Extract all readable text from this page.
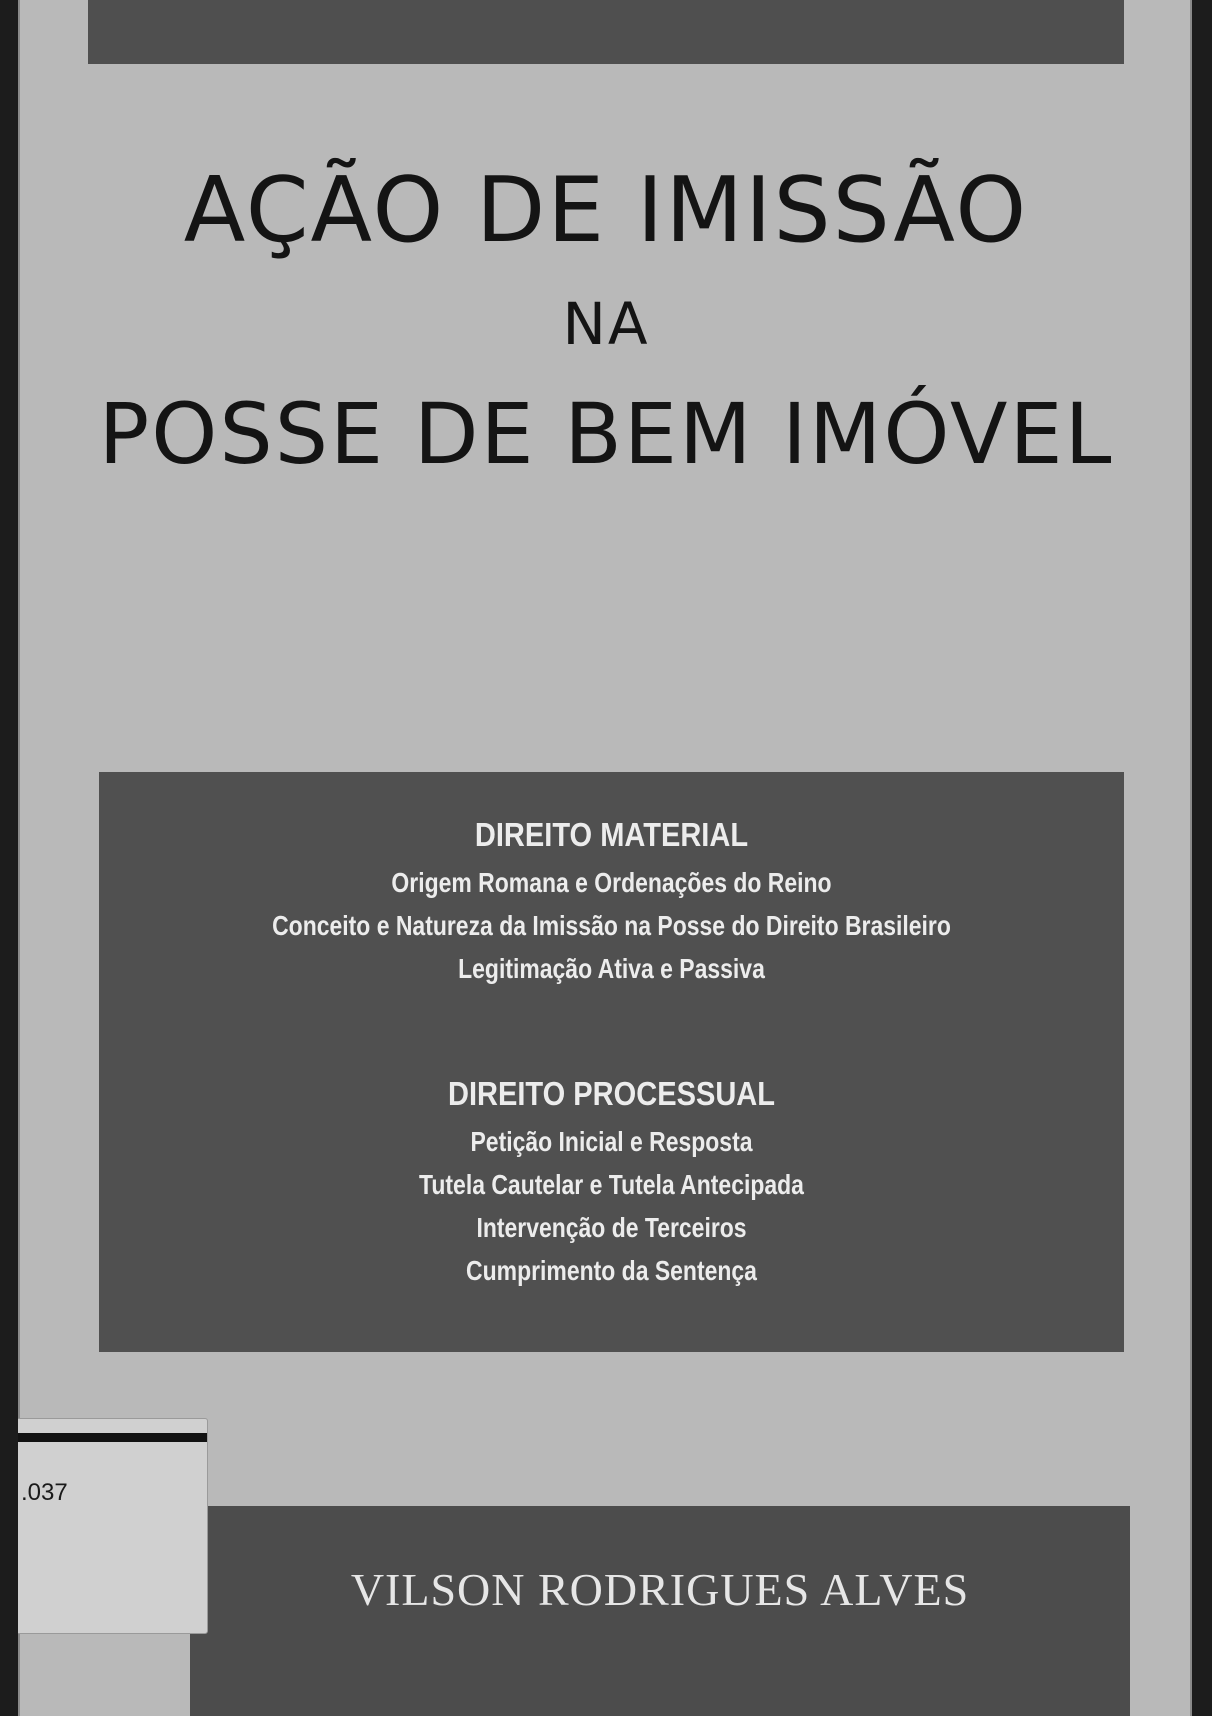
AÇÃO DE IMISSÃO
NA
POSSE DE BEM IMÓVEL
DIREITO MATERIAL
Origem Romana e Ordenações do Reino
Conceito e Natureza da Imissão na Posse do Direito Brasileiro
Legitimação Ativa e Passiva
DIREITO PROCESSUAL
Petição Inicial e Resposta
Tutela Cautelar e Tutela Antecipada
Intervenção de Terceiros
Cumprimento da Sentença
VILSON RODRIGUES ALVES
.037
